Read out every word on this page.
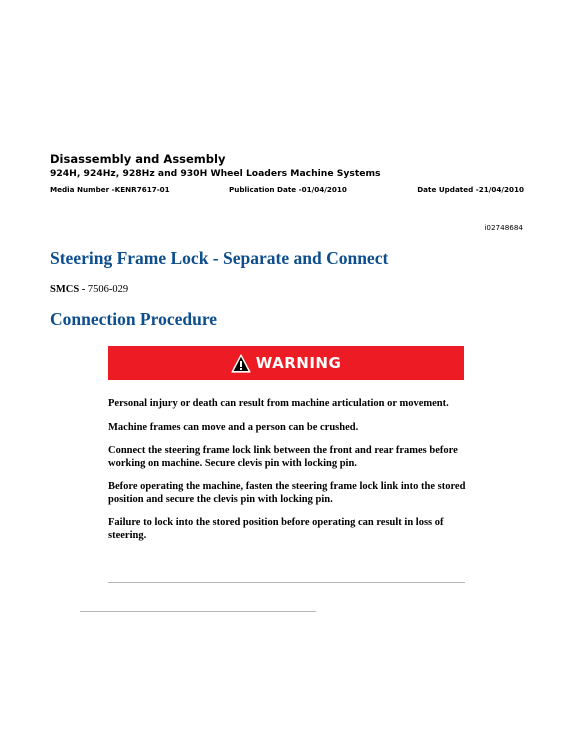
Disassembly and Assembly
924H, 924Hz, 928Hz and 930H Wheel Loaders Machine Systems
Media Number -KENR7617-01	Publication Date -01/04/2010	Date Updated -21/04/2010
i02748684
Steering Frame Lock - Separate and Connect
SMCS - 7506-029
Connection Procedure
WARNING

Personal injury or death can result from machine articulation or movement.

Machine frames can move and a person can be crushed.

Connect the steering frame lock link between the front and rear frames before working on machine. Secure clevis pin with locking pin.

Before operating the machine, fasten the steering frame lock link into the stored position and secure the clevis pin with locking pin.

Failure to lock into the stored position before operating can result in loss of steering.
